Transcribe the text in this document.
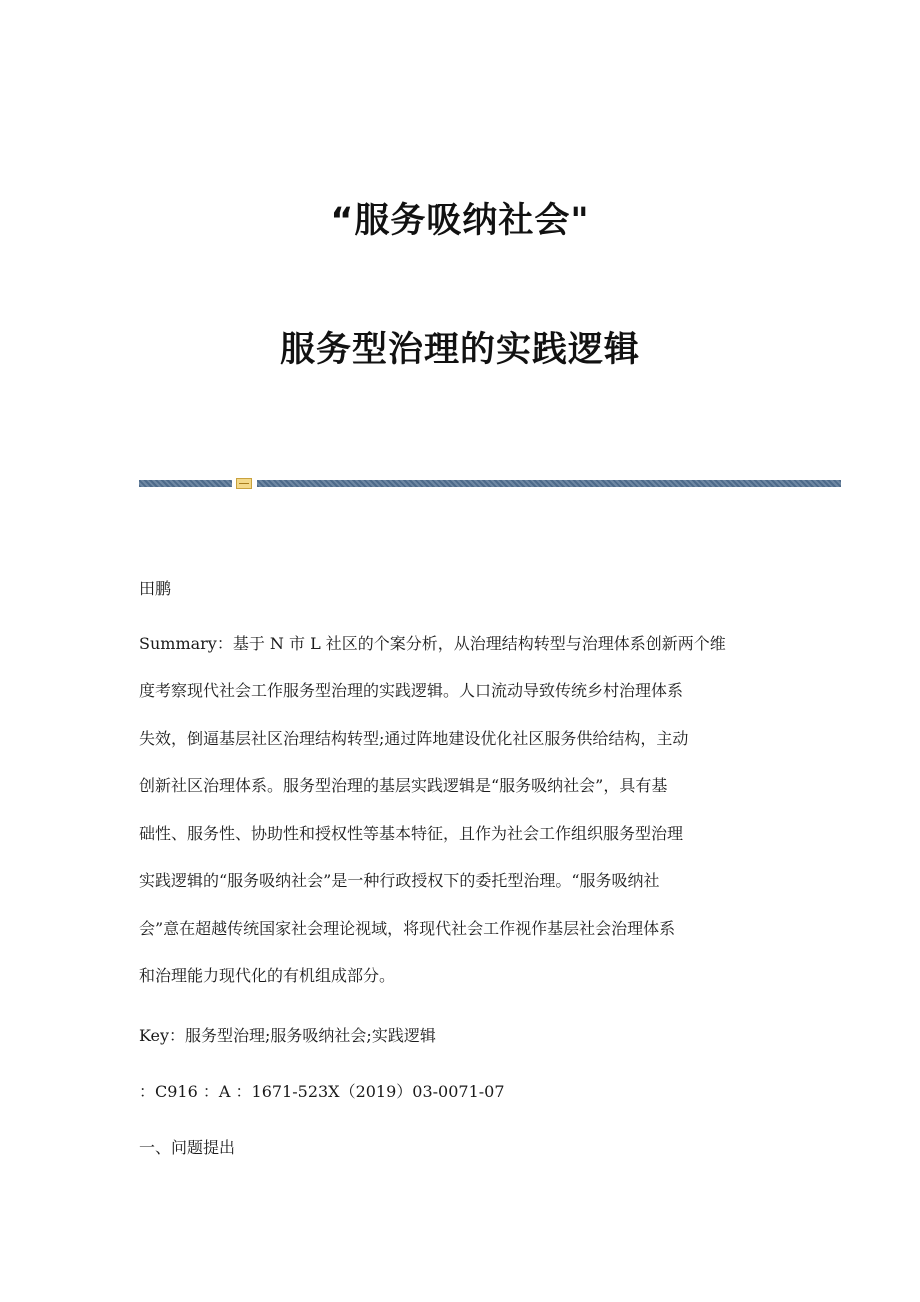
“服务吸纳社会"
服务型治理的实践逻辑
田鹏
Summary：基于 N 市 L 社区的个案分析，从治理结构转型与治理体系创新两个维
度考察现代社会工作服务型治理的实践逻辑。人口流动导致传统乡村治理体系
失效，倒逼基层社区治理结构转型;通过阵地建设优化社区服务供给结构，主动
创新社区治理体系。服务型治理的基层实践逻辑是“服务吸纳社会”，具有基
础性、服务性、协助性和授权性等基本特征，且作为社会工作组织服务型治理
实践逻辑的“服务吸纳社会”是一种行政授权下的委托型治理。“服务吸纳社
会”意在超越传统国家社会理论视域，将现代社会工作视作基层社会治理体系
和治理能力现代化的有机组成部分。
Key：服务型治理;服务吸纳社会;实践逻辑
：C916 ：A ：1671-523X（2019）03-0071-07
一、问题提出
